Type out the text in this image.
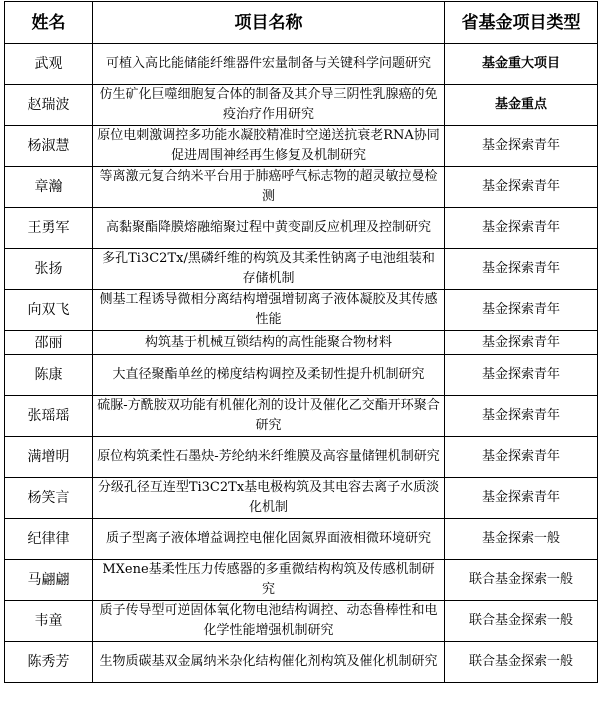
姓名	项目名称	省基金项目类型
武观	可植入高比能储能纤维器件宏量制备与关键科学问题研究	基金重大项目
赵瑞波	仿生矿化巨噬细胞复合体的制备及其介导三阴性乳腺癌的免疫治疗作用研究	基金重点
杨淑慧	原位电刺激调控多功能水凝胶精准时空递送抗衰老RNA协同促进周围神经再生修复及机制研究	基金探索青年
章瀚	等离激元复合纳米平台用于肺癌呼气标志物的超灵敏拉曼检测	基金探索青年
王勇军	高黏聚酯降膜熔融缩聚过程中黄变副反应机理及控制研究	基金探索青年
张扬	多孔Ti3C2Tx/黑磷纤维的构筑及其柔性钠离子电池组装和存储机制	基金探索青年
向双飞	侧基工程诱导微相分离结构增强增韧离子液体凝胶及其传感性能	基金探索青年
邵丽	构筑基于机械互锁结构的高性能聚合物材料	基金探索青年
陈康	大直径聚酯单丝的梯度结构调控及柔韧性提升机制研究	基金探索青年
张瑶瑶	硫脲-方酰胺双功能有机催化剂的设计及催化乙交酯开环聚合研究	基金探索青年
满增明	原位构筑柔性石墨炔-芳纶纳米纤维膜及高容量储锂机制研究	基金探索青年
杨笑言	分级孔径互连型Ti3C2Tx基电极构筑及其电容去离子水质淡化机制	基金探索青年
纪律律	质子型离子液体增益调控电催化固氮界面液相微环境研究	基金探索一般
马翩翩	MXene基柔性压力传感器的多重微结构构筑及传感机制研究	联合基金探索一般
韦童	质子传导型可逆固体氧化物电池结构调控、动态鲁棒性和电化学性能增强机制研究	联合基金探索一般
陈秀芳	生物质碳基双金属纳米杂化结构催化剂构筑及催化机制研究	联合基金探索一般
